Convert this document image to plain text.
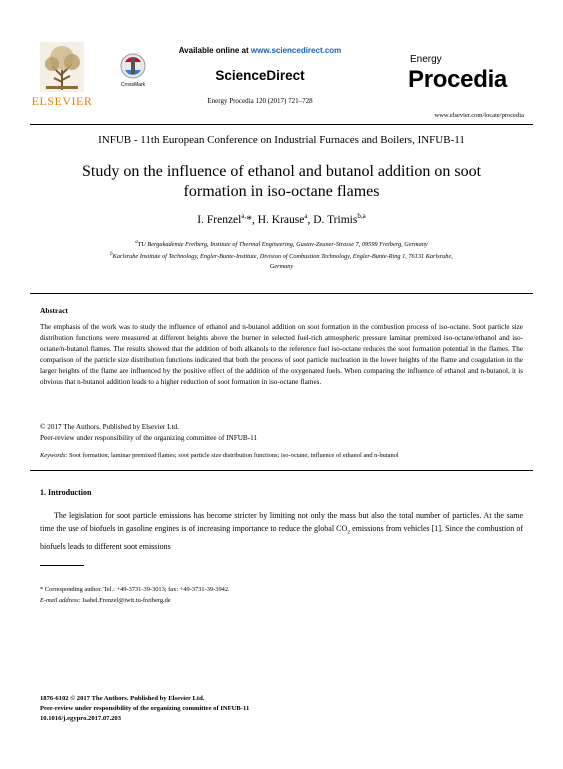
ELSEVIER
CrossMark
Available online at www.sciencedirect.com
ScienceDirect
Energy Procedia 120 (2017) 721–728
Energy
Procedia
www.elsevier.com/locate/procedia
INFUB - 11th European Conference on Industrial Furnaces and Boilers, INFUB-11
Study on the influence of ethanol and butanol addition on soot
formation in iso-octane flames
I. Frenzel$^{a,}$*, H. Krause$^a$, D. Trimis$^{b,a}$
$^a$TU Bergakademie Freiberg, Institute of Thermal Engineering, Gustav-Zeuner-Strasse 7, 09599 Freiberg, Germany
$^b$Karlsruhe Institute of Technology, Engler-Bunte-Institute, Division of Combustion Technology, Engler-Bunte-Ring 1, 76131 Karlsruhe,
Germany
Abstract
The emphasis of the work was to study the influence of ethanol and n-butanol addition on soot formation in the combustion process of iso-octane. Soot particle size distribution functions were measured at different heights above the burner in selected fuel-rich atmospheric pressure laminar premixed iso-octane/ethanol and iso-octane/n-butanol flames. The results showed that the addition of both alkanols to the reference fuel iso-octane reduces the soot formation potential in the flames. The comparison of the particle size distribution functions indicated that both the process of soot particle nucleation in the lower heights of the flame and coagulation in the larger heights of the flame are influenced by the positive effect of the addition of the oxygenated fuels. When comparing the influence of ethanol and n-butanol, it is obvious that n-butanol addition leads to a higher reduction of soot formation in iso-octane flames.
© 2017 The Authors. Published by Elsevier Ltd.
Peer-review under responsibility of the organizing committee of INFUB-11
Keywords: Soot formation; laminar premixed flames; soot particle size distribution functions; iso-octane; influence of ethanol and n-butanol
1. Introduction
The legislation for soot particle emissions has become stricter by limiting not only the mass but also the total number of particles. At the same time the use of biofuels in gasoline engines is of increasing importance to reduce the global $CO_2$ emissions from vehicles [1]. Since the combustion of biofuels leads to different soot emissions
* Corresponding author. Tel.: +49-3731-39-3013; fax: +49-3731-39-3942.
E-mail address: Isabel.Frenzel@iwtt.tu-freiberg.de
1876-6102 © 2017 The Authors. Published by Elsevier Ltd.
Peer-review under responsibility of the organizing committee of INFUB-11
10.1016/j.egypro.2017.07.203
